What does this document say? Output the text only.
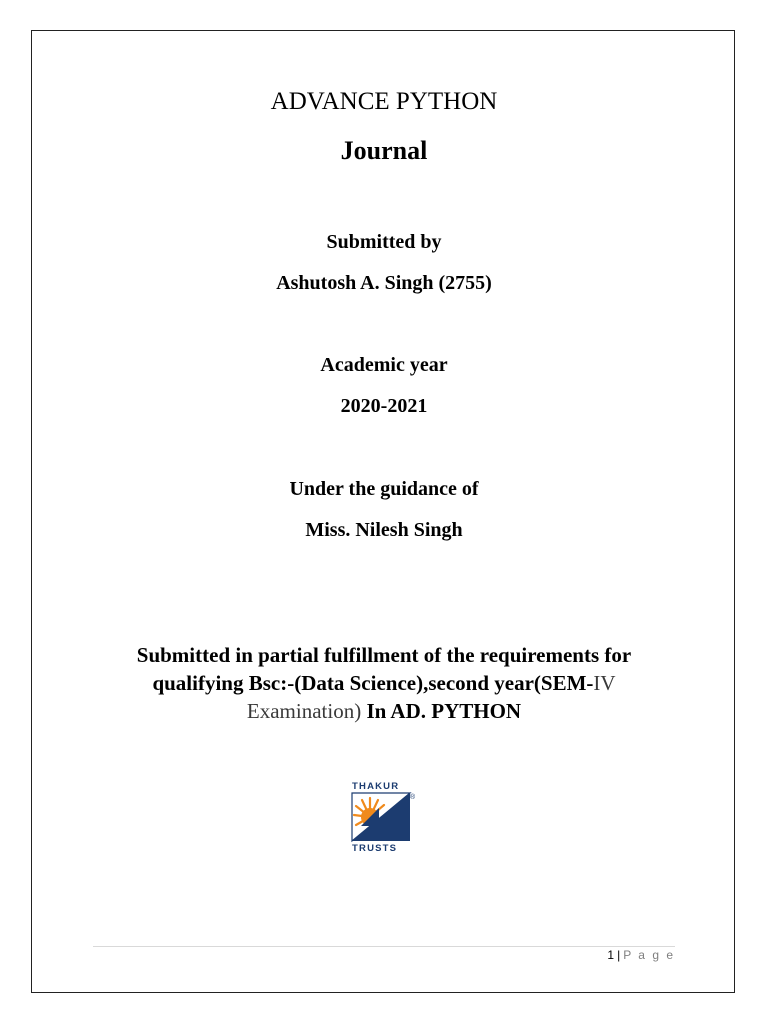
ADVANCE PYTHON
Journal
Submitted by
Ashutosh A. Singh (2755)
Academic year
2020-2021
Under the guidance of
Miss. Nilesh Singh
Submitted in partial fulfillment of the requirements for
qualifying Bsc:-(Data Science),second year(SEM-IV
Examination) In AD. PYTHON
THAKUR
®
TRUSTS
1 | P a g e
